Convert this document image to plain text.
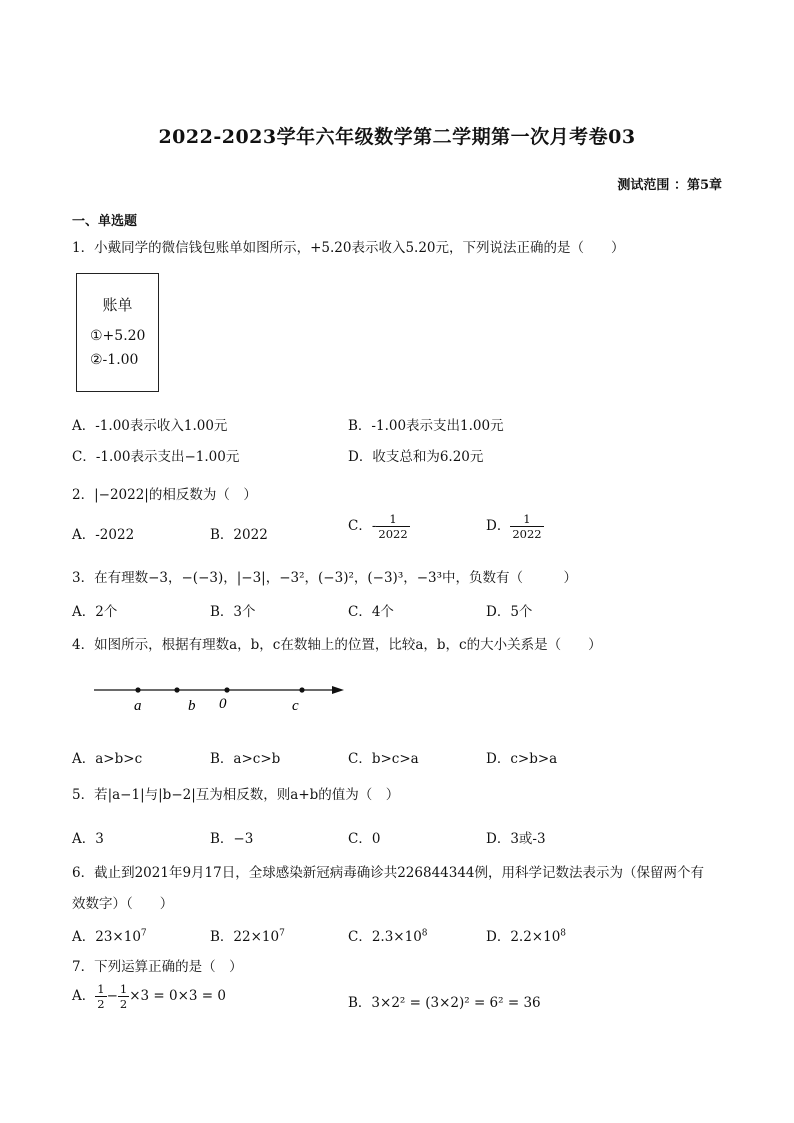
2022-2023学年六年级数学第二学期第一次月考卷03
测试范围 ：第5章
一、单选题
1．小戴同学的微信钱包账单如图所示，+5.20表示收入5.20元，下列说法正确的是（　　）
账单
①+5.20
②-1.00
A．-1.00表示收入1.00元	B．-1.00表示支出1.00元
C．-1.00表示支出−1.00元	D．收支总和为6.20元
2．|−2022|的相反数为（　）
A．-2022	B．2022
C．- $\frac{1}{2022}$	D． $\frac{1}{2022}$
3．在有理数−3，−(−3)，|−3|，−3²，(−3)²，(−3)³，−3³中，负数有（　　　）
A．2个	B．3个	C．4个	D．5个
4．如图所示，根据有理数a，b，c在数轴上的位置，比较a，b，c的大小关系是（　　）
a	b 0	c
A．a>b>c	B．a>c>b	C．b>c>a	D．c>b>a
5．若|a−1|与|b−2|互为相反数，则a+b的值为（　）
A．3	B．−3	C．0	D．3或-3
6．截止到2021年9月17日，全球感染新冠病毒确诊共226844344例，用科学记数法表示为（保留两个有
效数字）（　　）
A．$23\times 10^7$	B．$22\times 10^7$	C．$2.3\times 10^8$	D．$2.2\times 10^8$
7．下列运算正确的是（　）
A． $\frac{1}{2} - \frac{1}{2} \times 3 = 0\times 3 = 0$	B．3×2² = (3×2)² = 6² = 36
